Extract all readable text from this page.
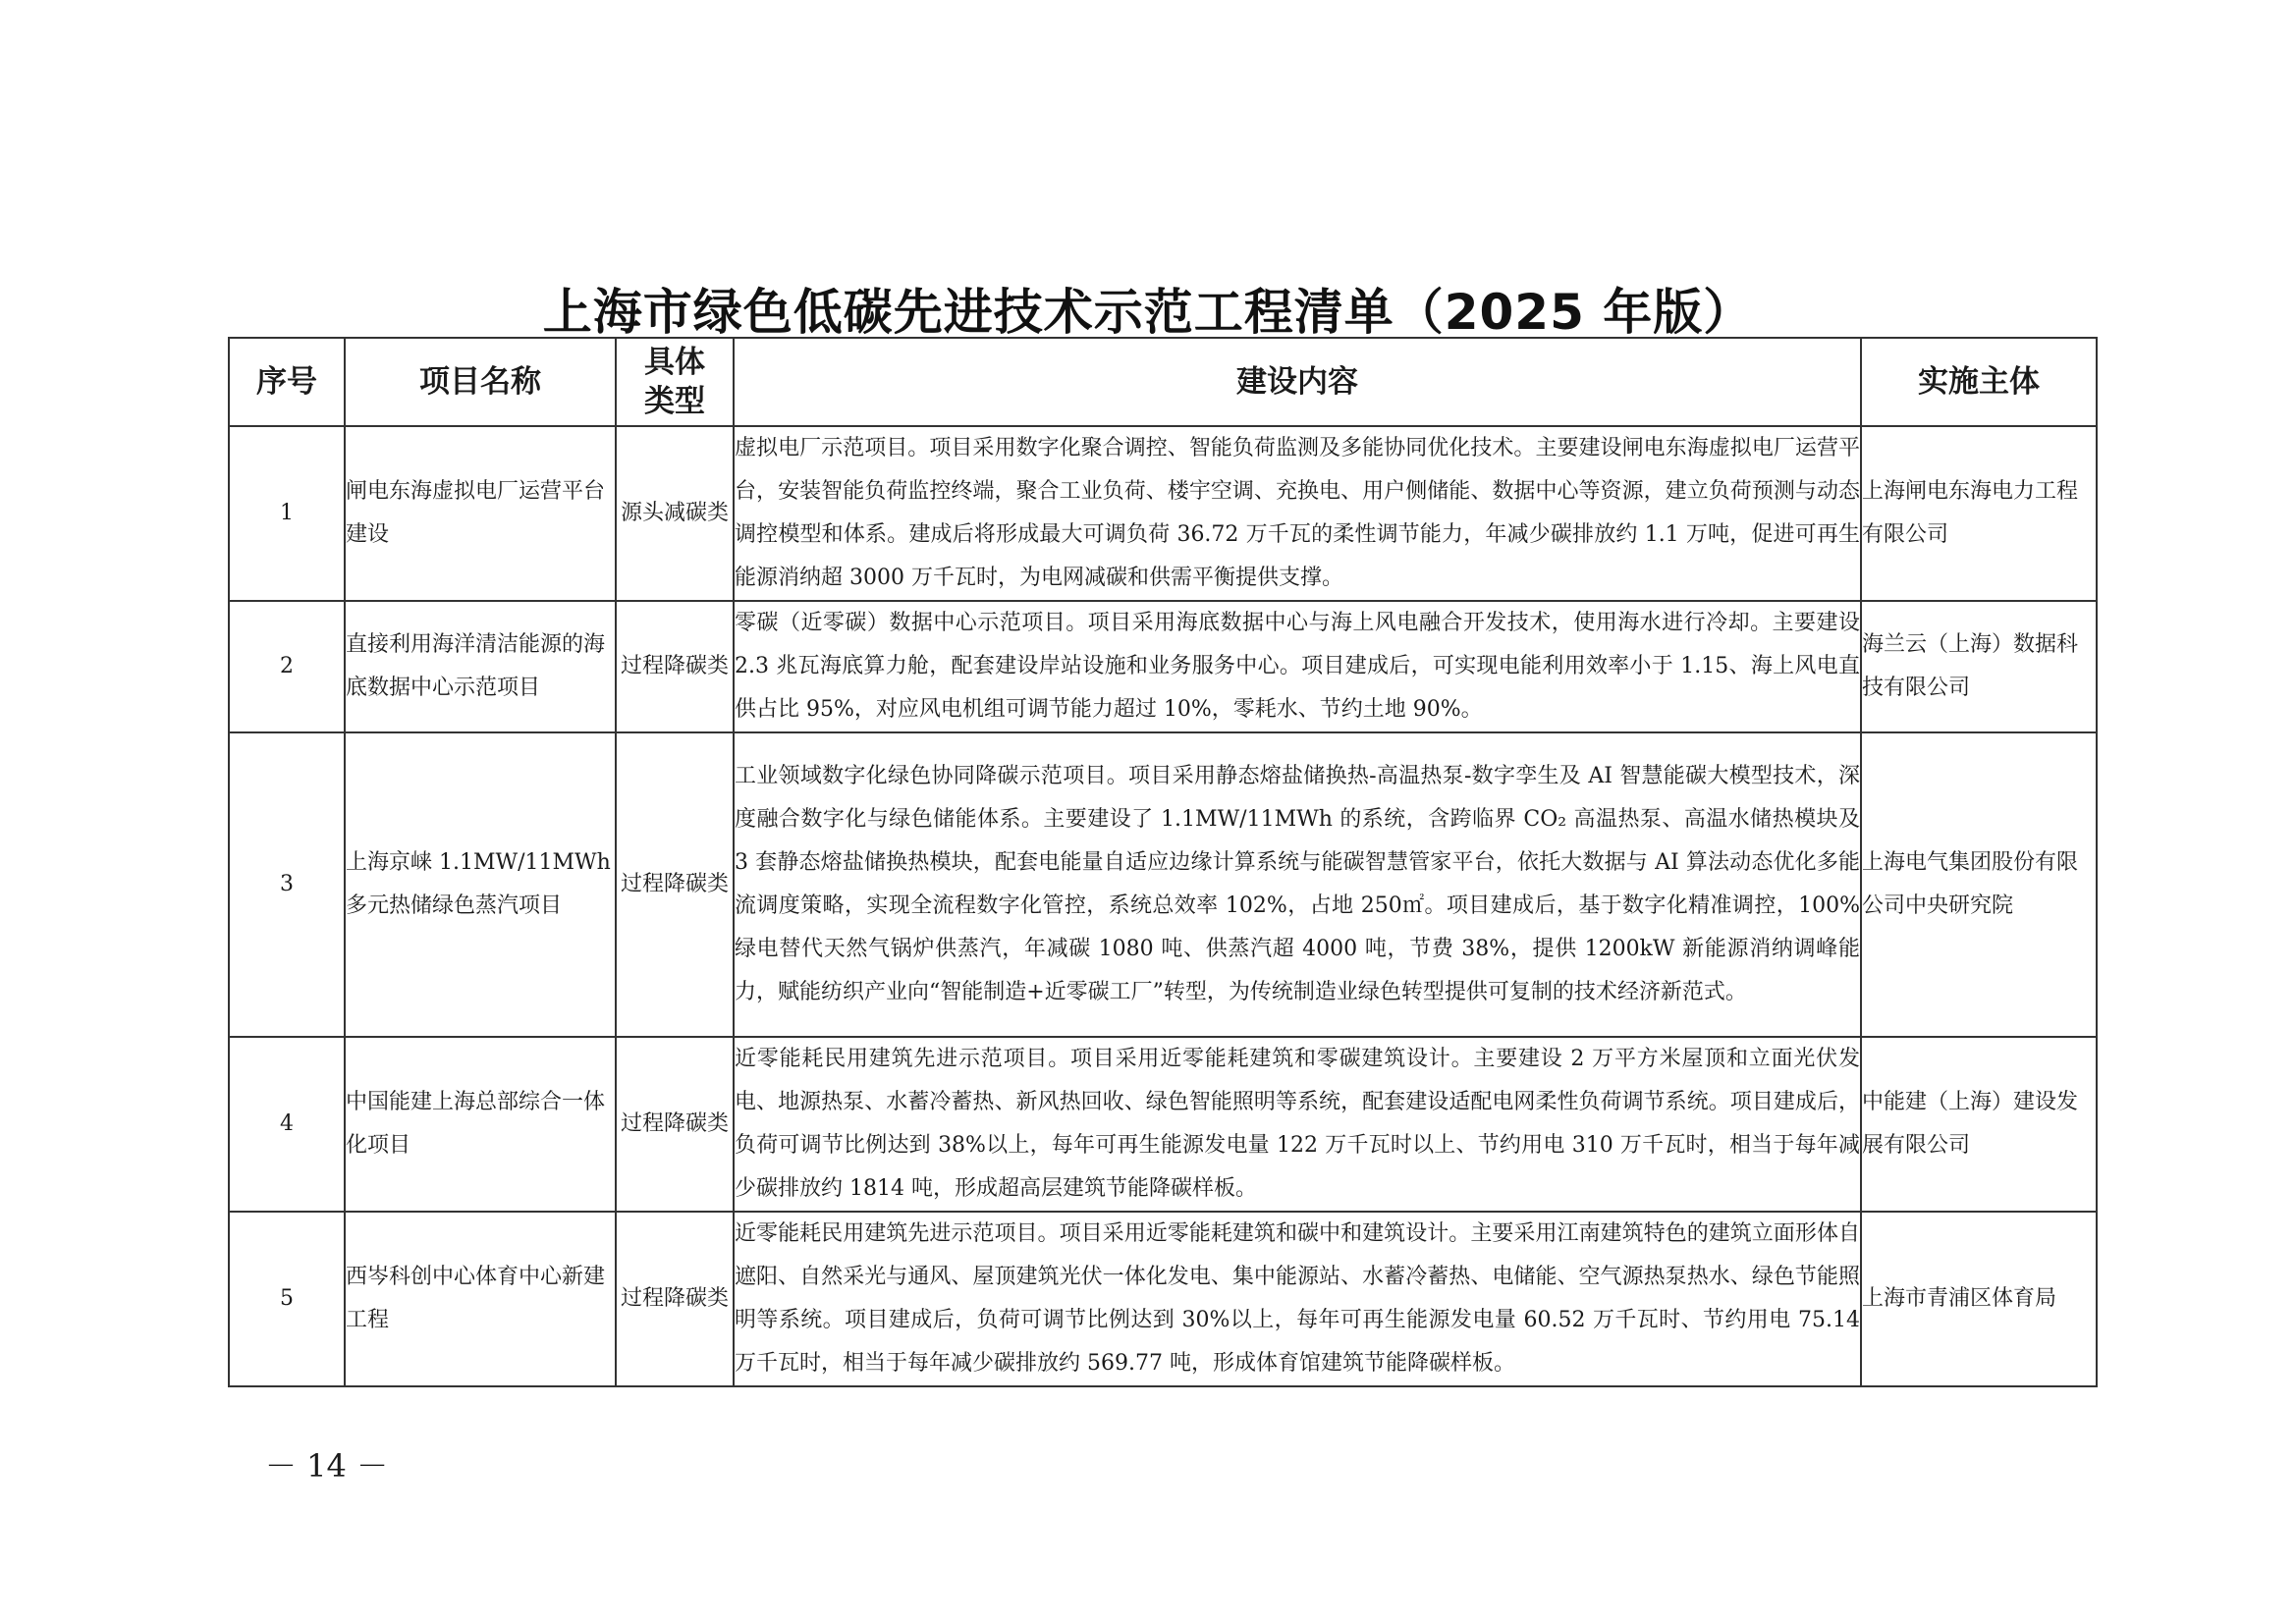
上海市绿色低碳先进技术示范工程清单（2025 年版）
序号	项目名称	具体类型	建设内容	实施主体
1	闸电东海虚拟电厂运营平台建设	源头减碳类	虚拟电厂示范项目。项目采用数字化聚合调控、智能负荷监测及多能协同优化技术。主要建设闸电东海虚拟电厂运营平台，安装智能负荷监控终端，聚合工业负荷、楼宇空调、充换电、用户侧储能、数据中心等资源，建立负荷预测与动态调控模型和体系。建成后将形成最大可调负荷 36.72 万千瓦的柔性调节能力，年减少碳排放约 1.1 万吨，促进可再生能源消纳超 3000 万千瓦时，为电网减碳和供需平衡提供支撑。	上海闸电东海电力工程有限公司
2	直接利用海洋清洁能源的海底数据中心示范项目	过程降碳类	零碳（近零碳）数据中心示范项目。项目采用海底数据中心与海上风电融合开发技术，使用海水进行冷却。主要建设 2.3 兆瓦海底算力舱，配套建设岸站设施和业务服务中心。项目建成后，可实现电能利用效率小于 1.15、海上风电直供占比 95%，对应风电机组可调节能力超过 10%，零耗水、节约土地 90%。	海兰云（上海）数据科技有限公司
3	上海京崃 1.1MW/11MWh 多元热储绿色蒸汽项目	过程降碳类	工业领域数字化绿色协同降碳示范项目。项目采用静态熔盐储换热-高温热泵-数字孪生及 AI 智慧能碳大模型技术，深度融合数字化与绿色储能体系。主要建设了 1.1MW/11MWh 的系统，含跨临界 CO₂ 高温热泵、高温水储热模块及 3 套静态熔盐储换热模块，配套电能量自适应边缘计算系统与能碳智慧管家平台，依托大数据与 AI 算法动态优化多能流调度策略，实现全流程数字化管控，系统总效率 102%，占地 250㎡。项目建成后，基于数字化精准调控，100%绿电替代天然气锅炉供蒸汽，年减碳 1080 吨、供蒸汽超 4000 吨，节费 38%，提供 1200kW 新能源消纳调峰能力，赋能纺织产业向“智能制造+近零碳工厂”转型，为传统制造业绿色转型提供可复制的技术经济新范式。	上海电气集团股份有限公司中央研究院
4	中国能建上海总部综合一体化项目	过程降碳类	近零能耗民用建筑先进示范项目。项目采用近零能耗建筑和零碳建筑设计。主要建设 2 万平方米屋顶和立面光伏发电、地源热泵、水蓄冷蓄热、新风热回收、绿色智能照明等系统，配套建设适配电网柔性负荷调节系统。项目建成后，负荷可调节比例达到 38%以上，每年可再生能源发电量 122 万千瓦时以上、节约用电 310 万千瓦时，相当于每年减少碳排放约 1814 吨，形成超高层建筑节能降碳样板。	中能建（上海）建设发展有限公司
5	西岑科创中心体育中心新建工程	过程降碳类	近零能耗民用建筑先进示范项目。项目采用近零能耗建筑和碳中和建筑设计。主要采用江南建筑特色的建筑立面形体自遮阳、自然采光与通风、屋顶建筑光伏一体化发电、集中能源站、水蓄冷蓄热、电储能、空气源热泵热水、绿色节能照明等系统。项目建成后，负荷可调节比例达到 30%以上，每年可再生能源发电量 60.52 万千瓦时、节约用电 75.14 万千瓦时，相当于每年减少碳排放约 569.77 吨，形成体育馆建筑节能降碳样板。	上海市青浦区体育局
－ 14 －
